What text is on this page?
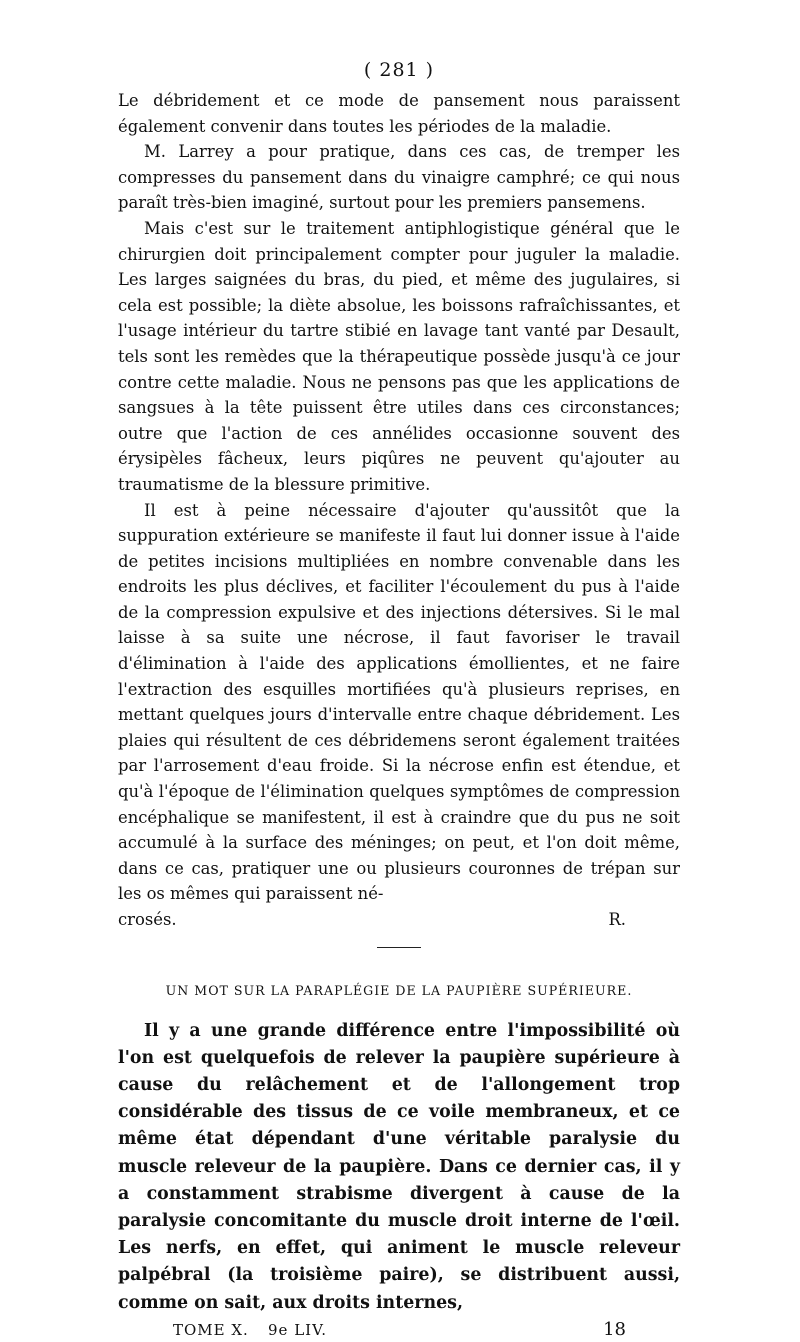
( 281 )

Le débridement et ce mode de pansement nous paraissent également convenir dans toutes les périodes de la maladie.

M. Larrey a pour pratique, dans ces cas, de tremper les compresses du pansement dans du vinaigre camphré; ce qui nous paraît très-bien imaginé, surtout pour les premiers pansemens.

Mais c'est sur le traitement antiphlogistique général que le chirurgien doit principalement compter pour juguler la maladie. Les larges saignées du bras, du pied, et même des jugulaires, si cela est possible; la diète absolue, les boissons rafraîchissantes, et l'usage intérieur du tartre stibié en lavage tant vanté par Desault, tels sont les remèdes que la thérapeutique possède jusqu'à ce jour contre cette maladie. Nous ne pensons pas que les applications de sangsues à la tête puissent être utiles dans ces circonstances; outre que l'action de ces annélides occasionne souvent des érysipèles fâcheux, leurs piqûres ne peuvent qu'ajouter au traumatisme de la blessure primitive.

Il est à peine nécessaire d'ajouter qu'aussitôt que la suppuration extérieure se manifeste il faut lui donner issue à l'aide de petites incisions multipliées en nombre convenable dans les endroits les plus déclives, et faciliter l'écoulement du pus à l'aide de la compression expulsive et des injections détersives. Si le mal laisse à sa suite une nécrose, il faut favoriser le travail d'élimination à l'aide des applications émollientes, et ne faire l'extraction des esquilles mortifiées qu'à plusieurs reprises, en mettant quelques jours d'intervalle entre chaque débridement. Les plaies qui résultent de ces débridemens seront également traitées par l'arrosement d'eau froide. Si la nécrose enfin est étendue, et qu'à l'époque de l'élimination quelques symptômes de compression encéphalique se manifestent, il est à craindre que du pus ne soit accumulé à la surface des méninges; on peut, et l'on doit même, dans ce cas, pratiquer une ou plusieurs couronnes de trépan sur les os mêmes qui paraissent né-

crosés.	R.
UN MOT SUR LA PARAPLÉGIE DE LA PAUPIÈRE SUPÉRIEURE.

Il y a une grande différence entre l'impossibilité où l'on est quelquefois de relever la paupière supérieure à cause du relâchement et de l'allongement trop considérable des tissus de ce voile membraneux, et ce même état dépendant d'une véritable paralysie du muscle releveur de la paupière. Dans ce dernier cas, il y a constamment strabisme divergent à cause de la paralysie concomitante du muscle droit interne de l'œil. Les nerfs, en effet, qui animent le muscle releveur palpébral (la troisième paire), se distribuent aussi, comme on sait, aux droits internes,

TOME X. 9e LIV.	18
